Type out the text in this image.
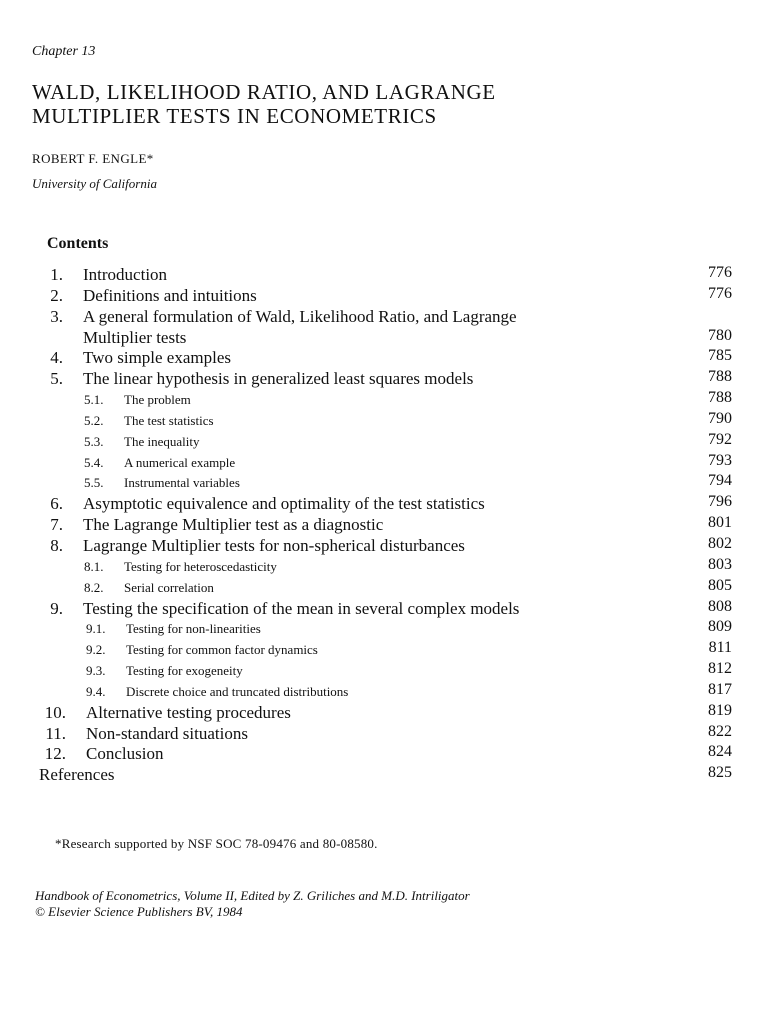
Chapter 13
WALD, LIKELIHOOD RATIO, AND LAGRANGE
MULTIPLIER TESTS IN ECONOMETRICS
ROBERT F. ENGLE*
University of California
Contents
1. Introduction	776
2. Definitions and intuitions	776
3. A general formulation of Wald, Likelihood Ratio, and Lagrange
Multiplier tests	780
4. Two simple examples	785
5. The linear hypothesis in generalized least squares models	788
5.1.	The problem	788
5.2.	The test statistics	790
5.3.	The inequality	792
5.4.	A numerical example	793
5.5.	Instrumental variables	794
6. Asymptotic equivalence and optimality of the test statistics	796
7. The Lagrange Multiplier test as a diagnostic	801
8. Lagrange Multiplier tests for non-spherical disturbances	802
8.1.	Testing for heteroscedasticity	803
8.2.	Serial correlation	805
9. Testing the specification of the mean in several complex models	808
9.1.	Testing for non-linearities	809
9.2.	Testing for common factor dynamics	811
9.3.	Testing for exogeneity	812
9.4.	Discrete choice and truncated distributions	817
10. Alternative testing procedures	819
11. Non-standard situations	822
12. Conclusion	824
References	825
*Research supported by NSF SOC 78-09476 and 80-08580.
Handbook of Econometrics, Volume II, Edited by Z. Griliches and M.D. Intriligator
© Elsevier Science Publishers BV, 1984
